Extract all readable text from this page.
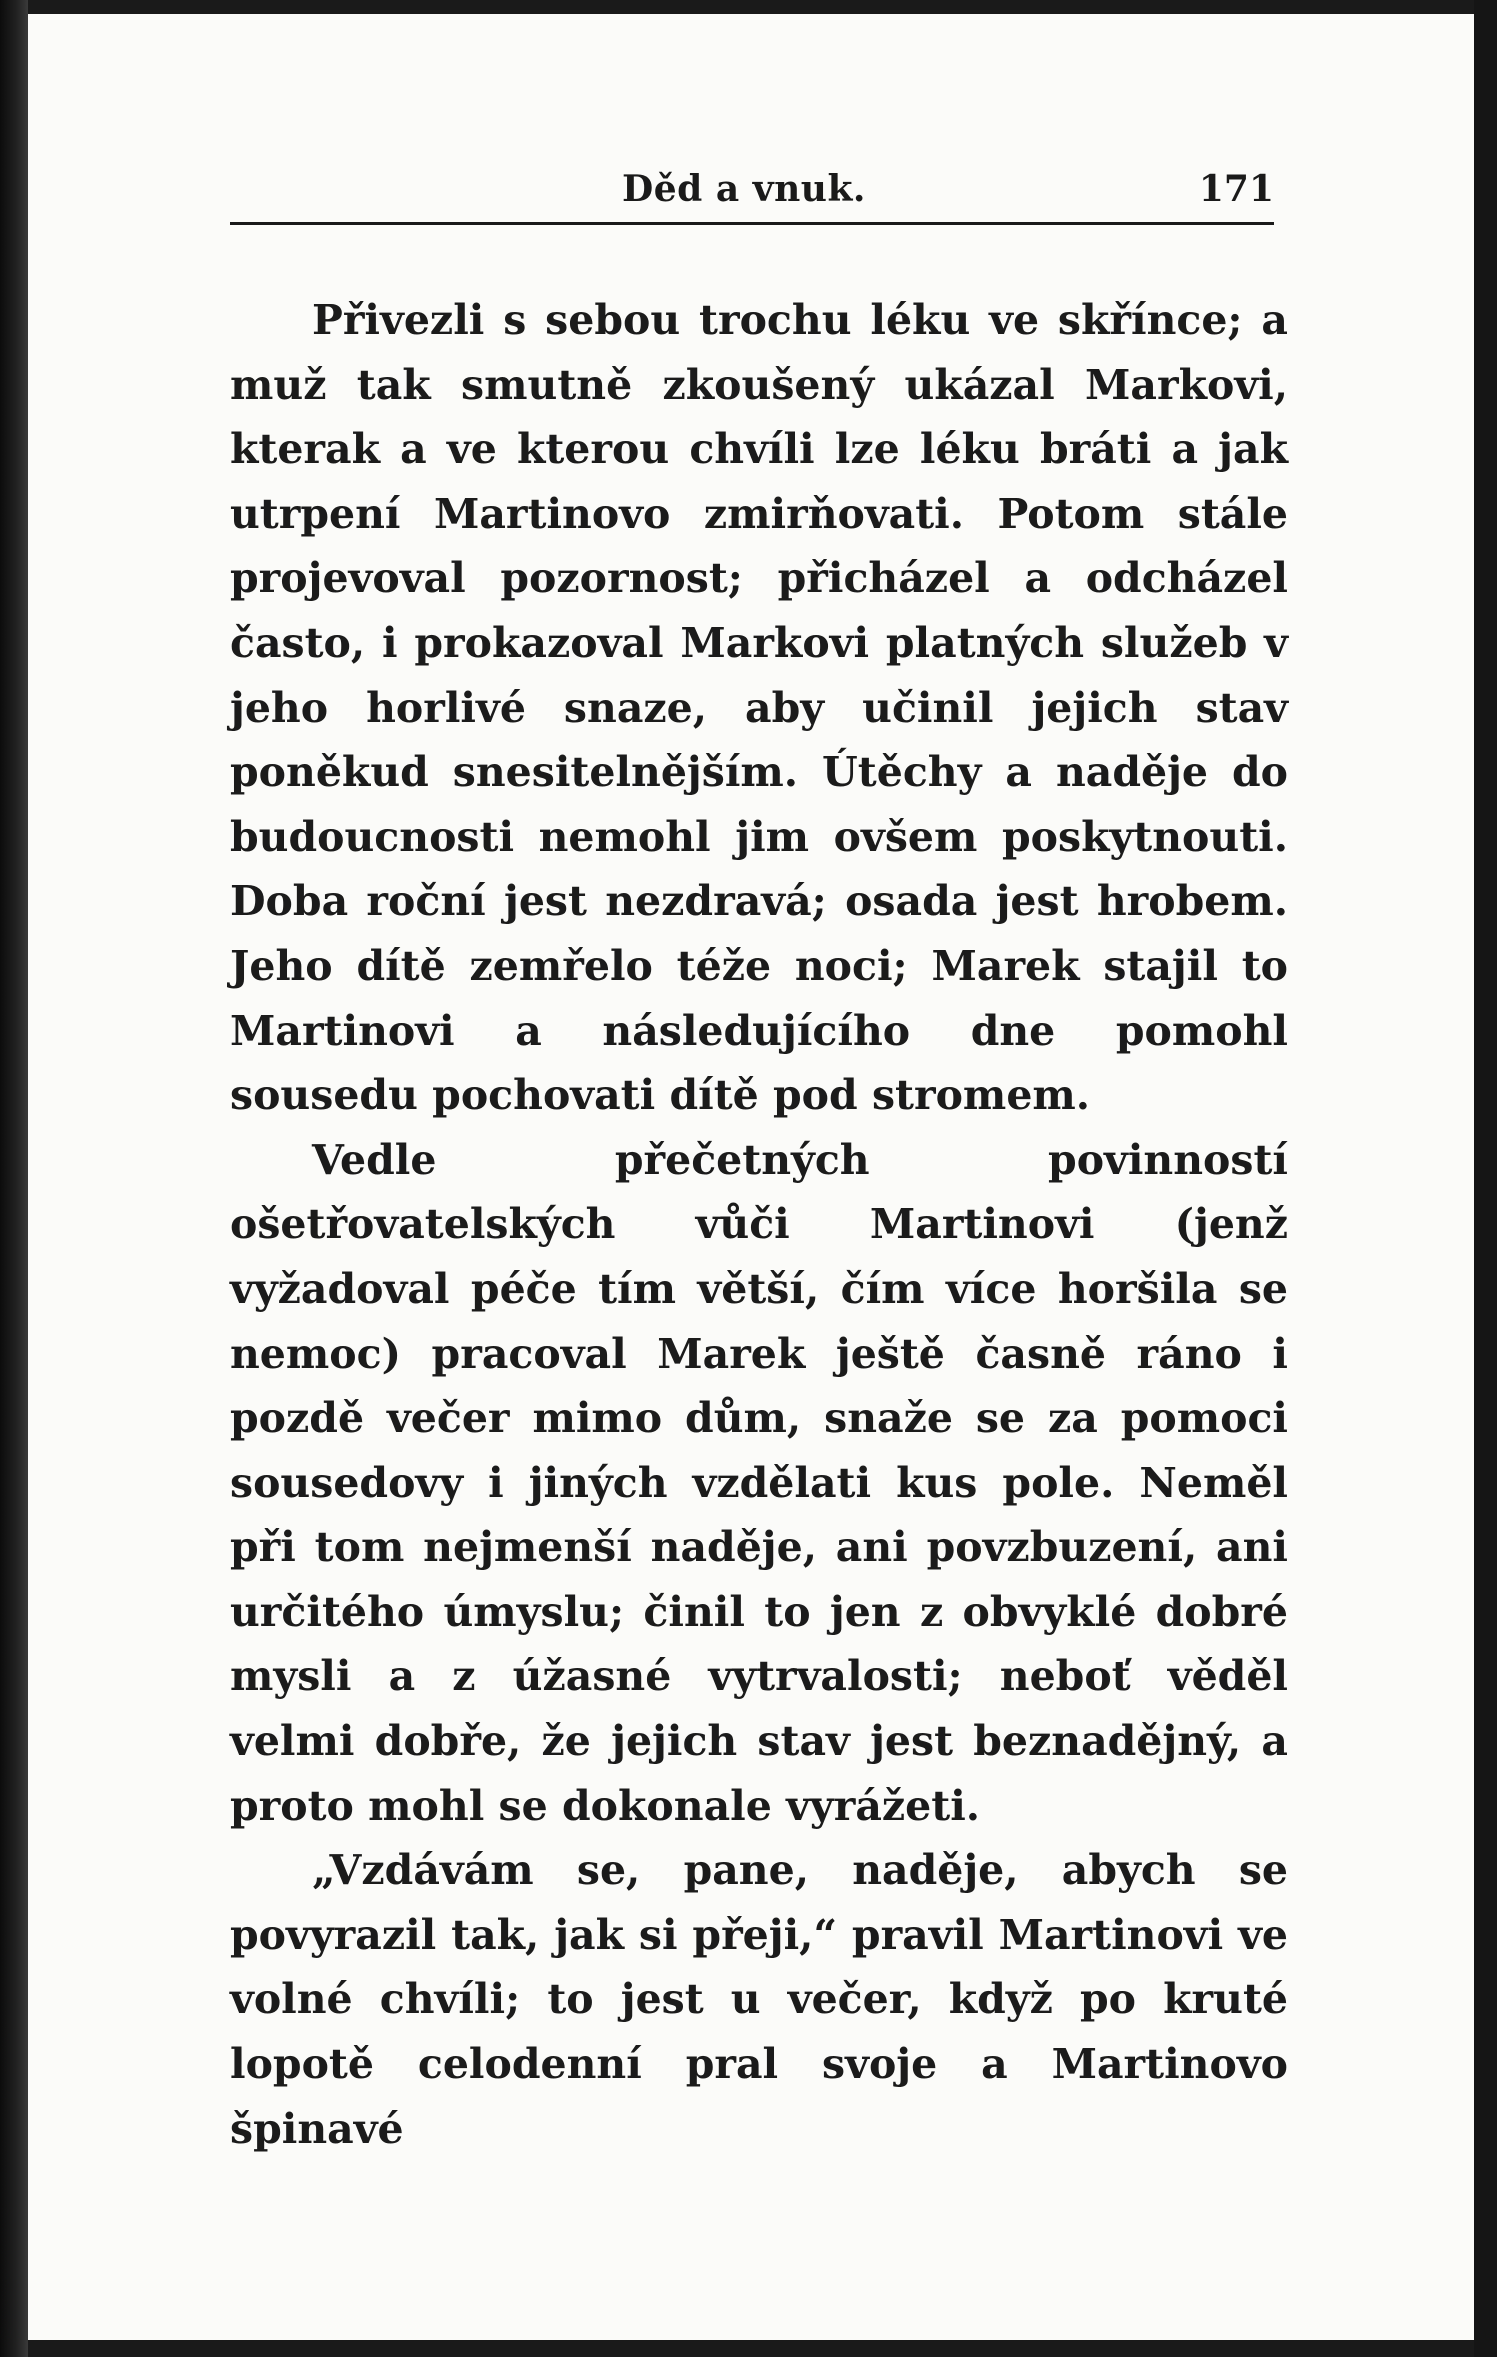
Děd a vnuk.	171

Přivezli s sebou trochu léku ve skřínce; a muž tak smutně zkoušený ukázal Markovi, kterak a ve kterou chvíli lze léku bráti a jak utrpení Martinovo zmirňovati. Potom stále projevoval pozornost; přicházel a odcházel často, i prokazoval Markovi platných služeb v jeho horlivé snaze, aby učinil jejich stav poněkud snesitelnějším. Útěchy a naděje do budoucnosti nemohl jim ovšem poskytnouti. Doba roční jest nezdravá; osada jest hrobem. Jeho dítě zemřelo téže noci; Marek stajil to Martinovi a následujícího dne pomohl sousedu pochovati dítě pod stromem.

Vedle přečetných povinností ošetřovatelských vůči Martinovi (jenž vyžadoval péče tím větší, čím více horšila se nemoc) pracoval Marek ještě časně ráno i pozdě večer mimo dům, snaže se za pomoci sousedovy i jiných vzdělati kus pole. Neměl při tom nejmenší naděje, ani povzbuzení, ani určitého úmyslu; činil to jen z obvyklé dobré mysli a z úžasné vytrvalosti; neboť věděl velmi dobře, že jejich stav jest beznadějný, a proto mohl se dokonale vyrážeti.

„Vzdávám se, pane, naděje, abych se povyrazil tak, jak si přeji,“ pravil Martinovi ve volné chvíli; to jest u večer, když po kruté lopotě celodenní pral svoje a Martinovo špinavé
